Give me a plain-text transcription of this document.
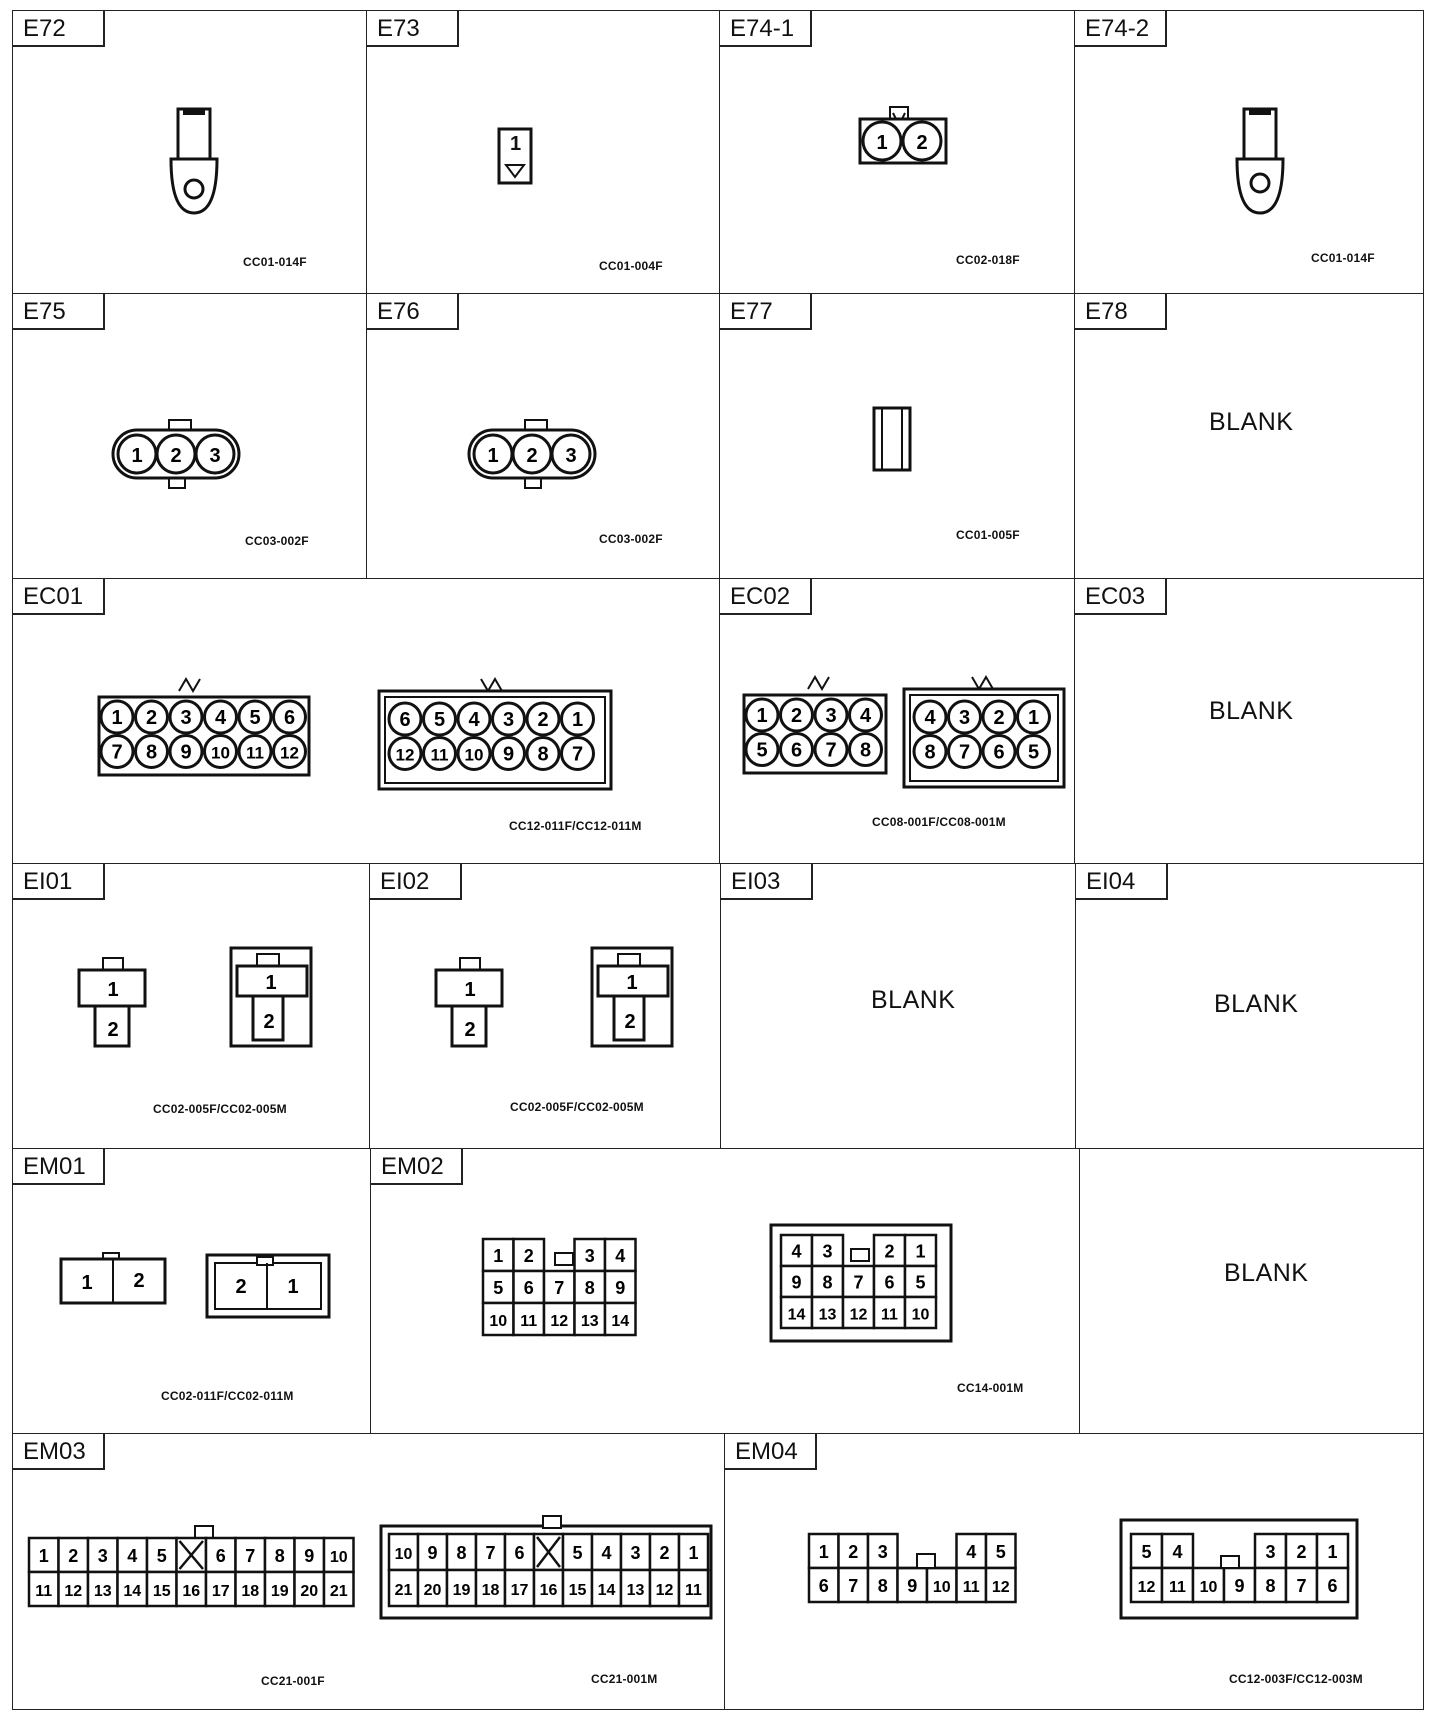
E72
CC01-014F
E73
1
CC01-004F
E74-1
1 2
CC02-018F
E74-2
CC01-014F
E75
1 2 3
CC03-002F
E76
1 2 3
CC03-002F
E77
CC01-005F
E78
BLANK
EC01
1 2 3 4 5 6
7 8 9 10 11 12
6 5 4 3 2 1
12 11 10 9 8 7
CC12-011F/CC12-011M
EC02
1 2 3 4
5 6 7 8
4 3 2 1
8 7 6 5
CC08-001F/CC08-001M
EC03
BLANK
EI01
1
2
1
2
CC02-005F/CC02-005M
EI02
1
2
1
2
CC02-005F/CC02-005M
EI03
BLANK
EI04
BLANK
EM01
1 2	2 1
CC02-011F/CC02-011M
EM02
1 2	3 4
5 6 7 8 9
10 11 12 13 14
4 3	2 1
9 8 7 6 5
14 13 12 11 10
CC14-001M
BLANK
EM03
1 2 3 4 5	6 7 8 9 10
11 12 13 14 15 16 17 18 19 20 21
10 9 8 7 6	5 4 3 2 1
21 20 19 18 17 16 15 14 13 12 11
CC21-001F	CC21-001M
EM04
1 2 3	4 5
6 7 8 9 10 11 12
5 4	3 2 1
12 11 10 9 8 7 6
CC12-003F/CC12-003M
